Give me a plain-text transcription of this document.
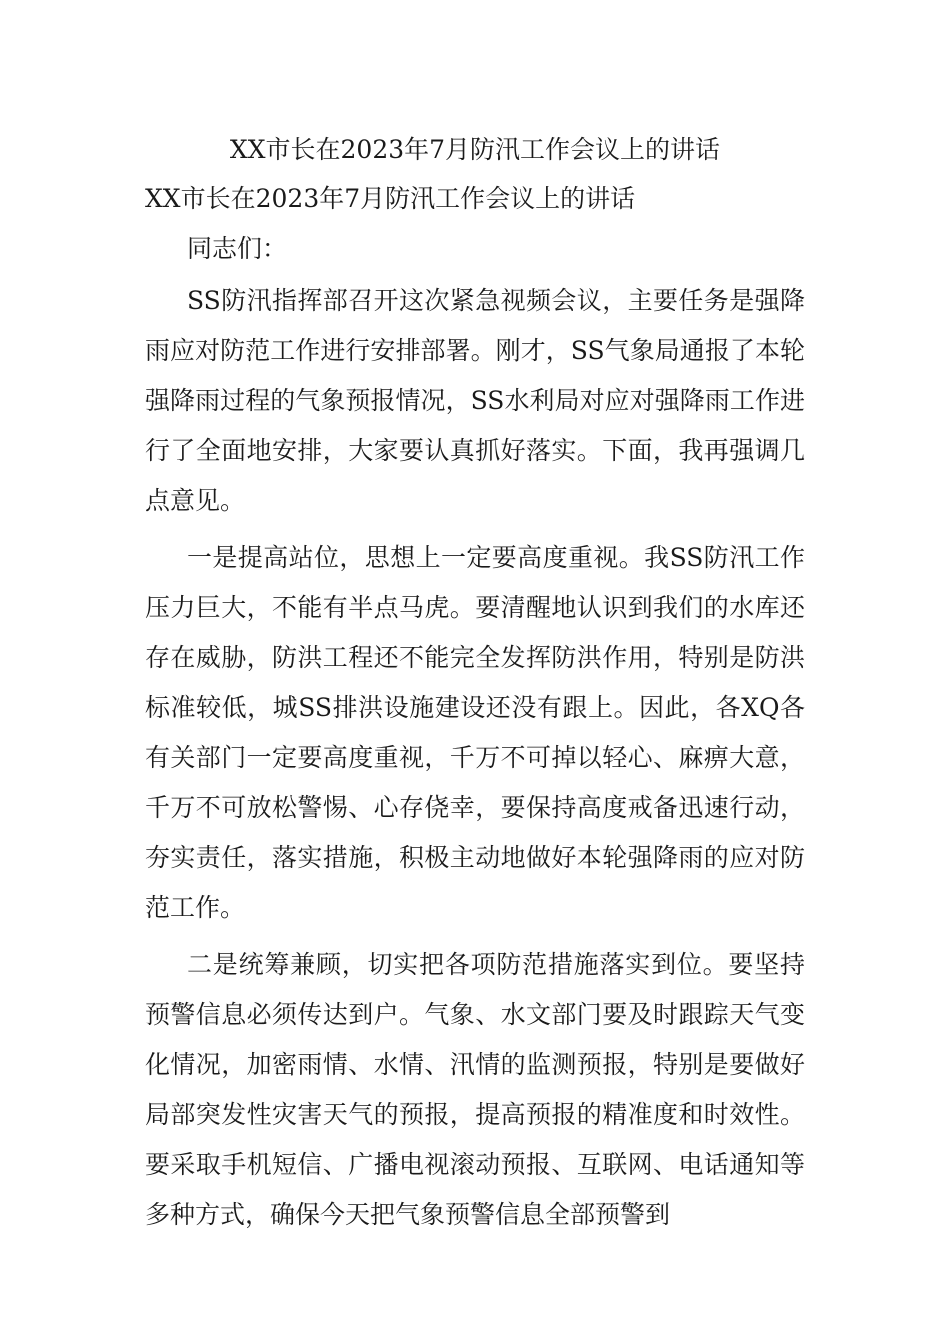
XX市长在2023年7月防汛工作会议上的讲话

XX市长在2023年7月防汛工作会议上的讲话

同志们：

SS防汛指挥部召开这次紧急视频会议，主要任务是强降雨应对防范工作进行安排部署。刚才，SS气象局通报了本轮强降雨过程的气象预报情况，SS水利局对应对强降雨工作进行了全面地安排，大家要认真抓好落实。下面，我再强调几点意见。

一是提高站位，思想上一定要高度重视。我SS防汛工作压力巨大，不能有半点马虎。要清醒地认识到我们的水库还存在威胁，防洪工程还不能完全发挥防洪作用，特别是防洪标准较低，城SS排洪设施建设还没有跟上。因此，各XQ各有关部门一定要高度重视，千万不可掉以轻心、麻痹大意，千万不可放松警惕、心存侥幸，要保持高度戒备迅速行动，夯实责任，落实措施，积极主动地做好本轮强降雨的应对防范工作。

二是统筹兼顾，切实把各项防范措施落实到位。要坚持预警信息必须传达到户。气象、水文部门要及时跟踪天气变化情况，加密雨情、水情、汛情的监测预报，特别是要做好局部突发性灾害天气的预报，提高预报的精准度和时效性。要采取手机短信、广播电视滚动预报、互联网、电话通知等多种方式，确保今天把气象预警信息全部预警到
